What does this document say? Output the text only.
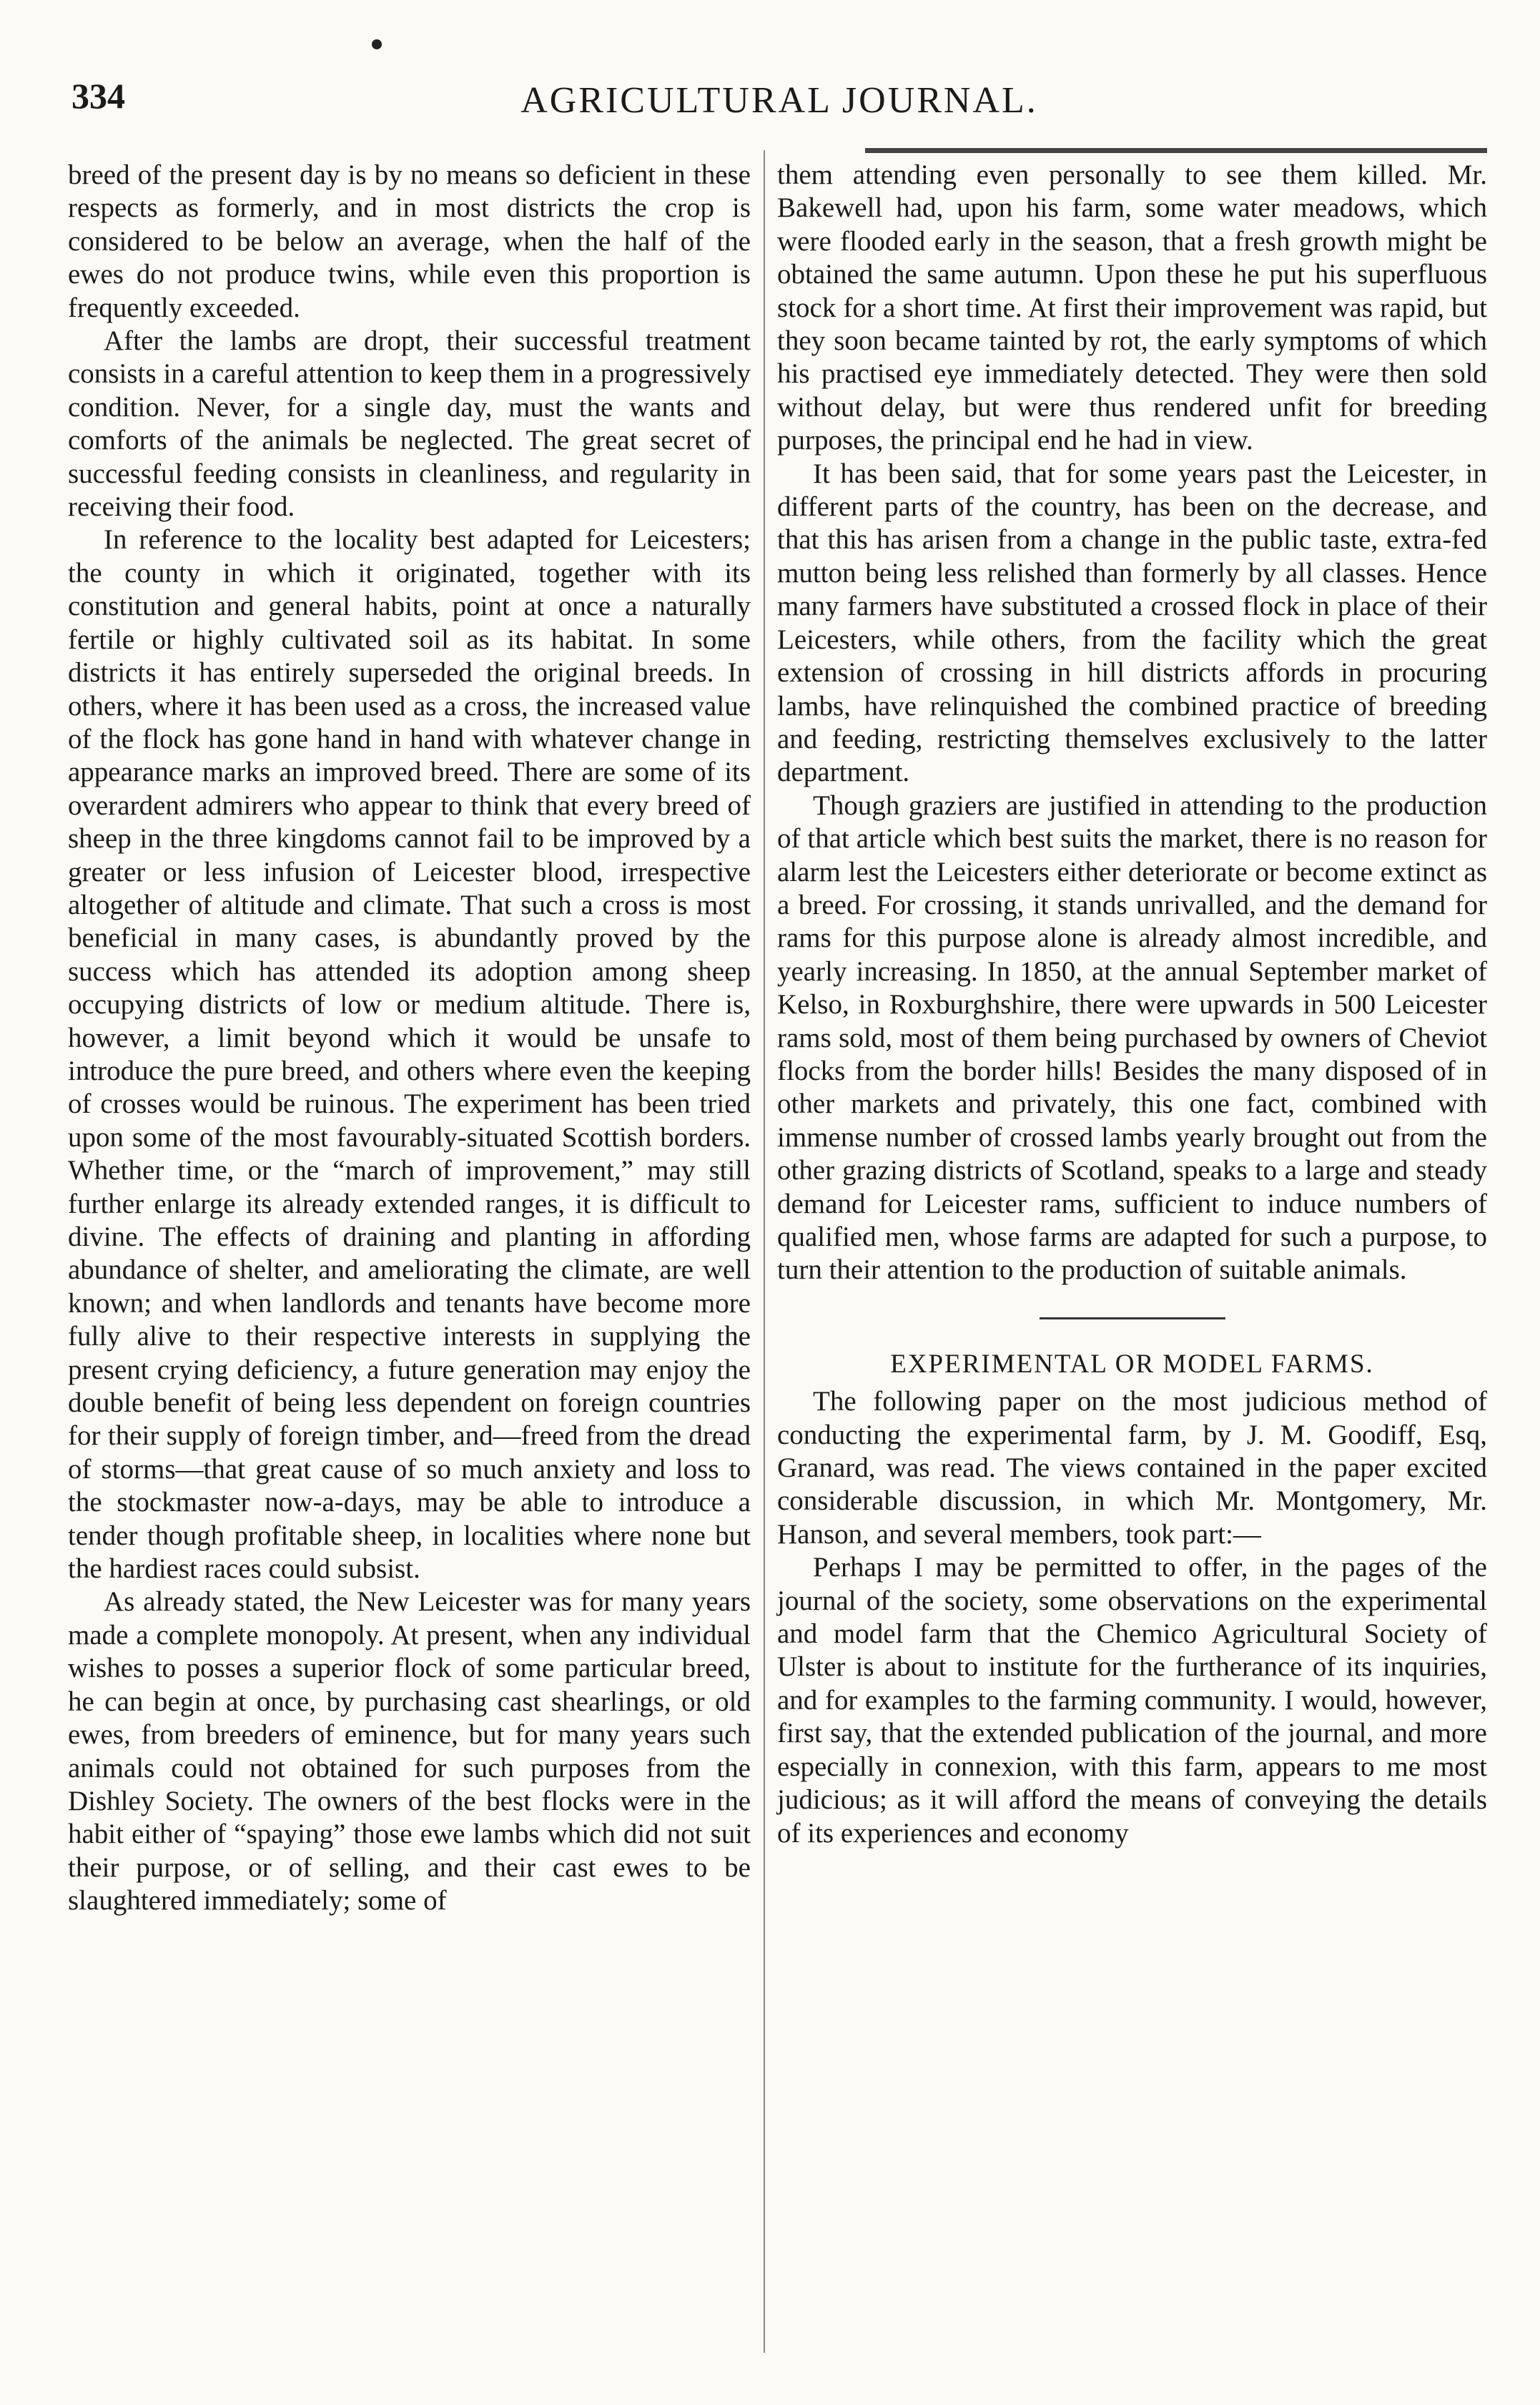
334	AGRICULTURAL JOURNAL.

breed of the present day is by no means so deficient in these respects as formerly, and in most districts the crop is considered to be below an average, when the half of the ewes do not produce twins, while even this proportion is frequently exceeded.

After the lambs are dropt, their successful treatment consists in a careful attention to keep them in a progressively condition. Never, for a single day, must the wants and comforts of the animals be neglected. The great secret of successful feeding consists in cleanliness, and regularity in receiving their food.

In reference to the locality best adapted for Leicesters; the county in which it originated, together with its constitution and general habits, point at once a naturally fertile or highly cultivated soil as its habitat. In some districts it has entirely superseded the original breeds. In others, where it has been used as a cross, the increased value of the flock has gone hand in hand with whatever change in appearance marks an improved breed. There are some of its overardent admirers who appear to think that every breed of sheep in the three kingdoms cannot fail to be improved by a greater or less infusion of Leicester blood, irrespective altogether of altitude and climate. That such a cross is most beneficial in many cases, is abundantly proved by the success which has attended its adoption among sheep occupying districts of low or medium altitude. There is, however, a limit beyond which it would be unsafe to introduce the pure breed, and others where even the keeping of crosses would be ruinous. The experiment has been tried upon some of the most favourably-situated Scottish borders. Whether time, or the “march of improvement,” may still further enlarge its already extended ranges, it is difficult to divine. The effects of draining and planting in affording abundance of shelter, and ameliorating the climate, are well known; and when landlords and tenants have become more fully alive to their respective interests in supplying the present crying deficiency, a future generation may enjoy the double benefit of being less dependent on foreign countries for their supply of foreign timber, and—freed from the dread of storms—that great cause of so much anxiety and loss to the stockmaster now-a-days, may be able to introduce a tender though profitable sheep, in localities where none but the hardiest races could subsist.

As already stated, the New Leicester was for many years made a complete monopoly. At present, when any individual wishes to posses a superior flock of some particular breed, he can begin at once, by purchasing cast shearlings, or old ewes, from breeders of eminence, but for many years such animals could not obtained for such purposes from the Dishley Society. The owners of the best flocks were in the habit either of “spaying” those ewe lambs which did not suit their purpose, or of selling, and their cast ewes to be slaughtered immediately; some of

them attending even personally to see them killed. Mr. Bakewell had, upon his farm, some water meadows, which were flooded early in the season, that a fresh growth might be obtained the same autumn. Upon these he put his superfluous stock for a short time. At first their improvement was rapid, but they soon became tainted by rot, the early symptoms of which his practised eye immediately detected. They were then sold without delay, but were thus rendered unfit for breeding purposes, the principal end he had in view.

It has been said, that for some years past the Leicester, in different parts of the country, has been on the decrease, and that this has arisen from a change in the public taste, extra-fed mutton being less relished than formerly by all classes. Hence many farmers have substituted a crossed flock in place of their Leicesters, while others, from the facility which the great extension of crossing in hill districts affords in procuring lambs, have relinquished the combined practice of breeding and feeding, restricting themselves exclusively to the latter department.

Though graziers are justified in attending to the production of that article which best suits the market, there is no reason for alarm lest the Leicesters either deteriorate or become extinct as a breed. For crossing, it stands unrivalled, and the demand for rams for this purpose alone is already almost incredible, and yearly increasing. In 1850, at the annual September market of Kelso, in Roxburghshire, there were upwards in 500 Leicester rams sold, most of them being purchased by owners of Cheviot flocks from the border hills! Besides the many disposed of in other markets and privately, this one fact, combined with immense number of crossed lambs yearly brought out from the other grazing districts of Scotland, speaks to a large and steady demand for Leicester rams, sufficient to induce numbers of qualified men, whose farms are adapted for such a purpose, to turn their attention to the production of suitable animals.

EXPERIMENTAL OR MODEL FARMS.

The following paper on the most judicious method of conducting the experimental farm, by J. M. Goodiff, Esq, Granard, was read. The views contained in the paper excited considerable discussion, in which Mr. Montgomery, Mr. Hanson, and several members, took part:—

Perhaps I may be permitted to offer, in the pages of the journal of the society, some observations on the experimental and model farm that the Chemico Agricultural Society of Ulster is about to institute for the furtherance of its inquiries, and for examples to the farming community. I would, however, first say, that the extended publication of the journal, and more especially in connexion, with this farm, appears to me most judicious; as it will afford the means of conveying the details of its experiences and economy
